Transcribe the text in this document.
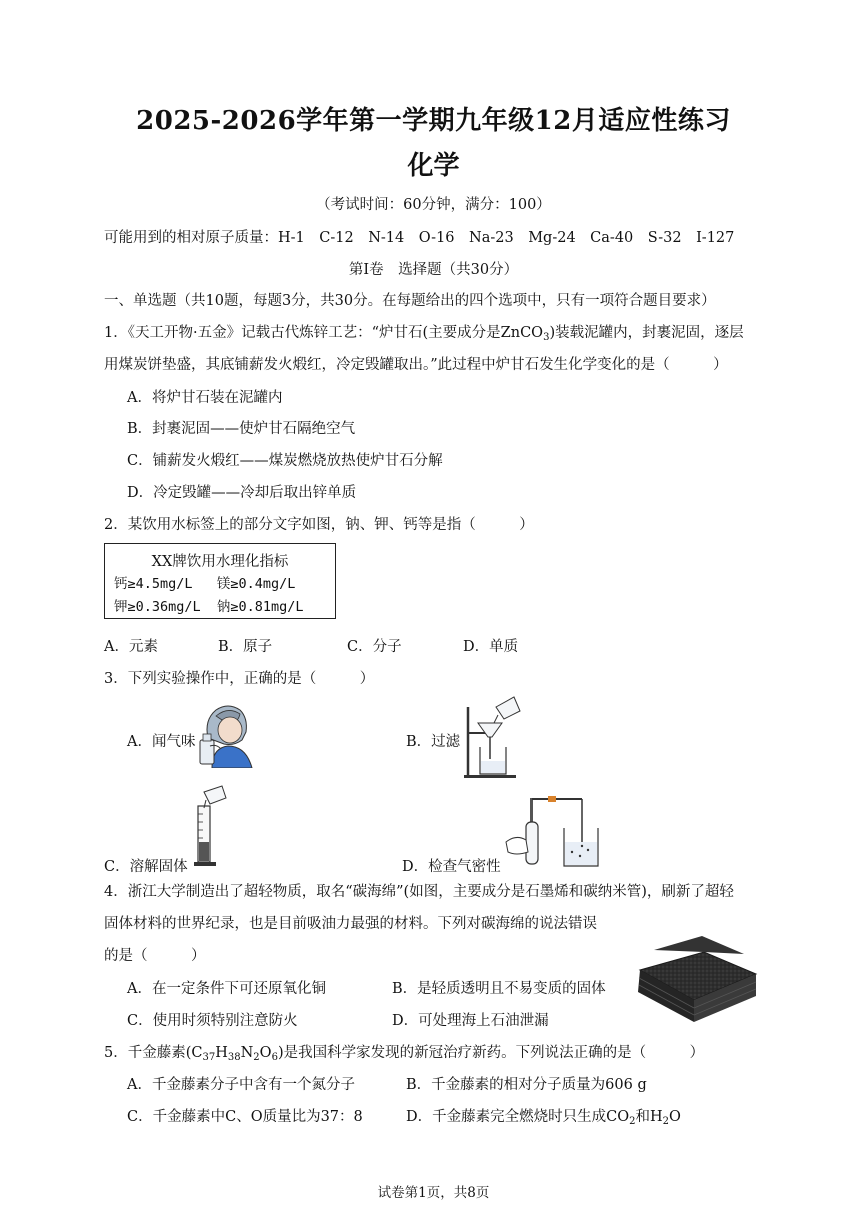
2025-2026学年第一学期九年级12月适应性练习
化学
（考试时间：60分钟，满分：100）
可能用到的相对原子质量：H-1　C-12　N-14　O-16　Na-23　Mg-24　Ca-40　S-32　I-127
第Ⅰ卷　选择题（共30分）
一、单选题（共10题，每题3分，共30分。在每题给出的四个选项中，只有一项符合题目要求）
1．《天工开物·五金》记载古代炼锌工艺：“炉甘石(主要成分是ZnCO$_3$)装载泥罐内，封裹泥固，逐层
用煤炭饼垫盛，其底铺薪发火煅红，冷定毁罐取出。”此过程中炉甘石发生化学变化的是（　　　）
A．将炉甘石装在泥罐内
B．封裹泥固——使炉甘石隔绝空气
C．铺薪发火煅红——煤炭燃烧放热使炉甘石分解
D．冷定毁罐——冷却后取出锌单质
2．某饮用水标签上的部分文字如图，钠、钾、钙等是指（　　　）
XX牌饮用水理化指标
钙≥4.5mg/L   镁≥0.4mg/L
钾≥0.36mg/L  钠≥0.81mg/L
A．元素	B．原子	C．分子	D．单质
3．下列实验操作中，正确的是（　　　）
A．闻气味	B．过滤
C．溶解固体	D．检查气密性
4．浙江大学制造出了超轻物质，取名“碳海绵”(如图，主要成分是石墨烯和碳纳米管)，刷新了超轻
固体材料的世界纪录，也是目前吸油力最强的材料。下列对碳海绵的说法错误
的是（　　　）
A．在一定条件下可还原氧化铜	B．是轻质透明且不易变质的固体
C．使用时须特别注意防火	D．可处理海上石油泄漏
5．千金藤素$(C_{37}H_{38}N_2O_6)$是我国科学家发现的新冠治疗新药。下列说法正确的是（　　　）
A．千金藤素分子中含有一个氮分子	B．千金藤素的相对分子质量为606 g
C．千金藤素中C、O质量比为37：8	D．千金藤素完全燃烧时只生成$CO_2$和$H_2O$
试卷第1页，共8页
